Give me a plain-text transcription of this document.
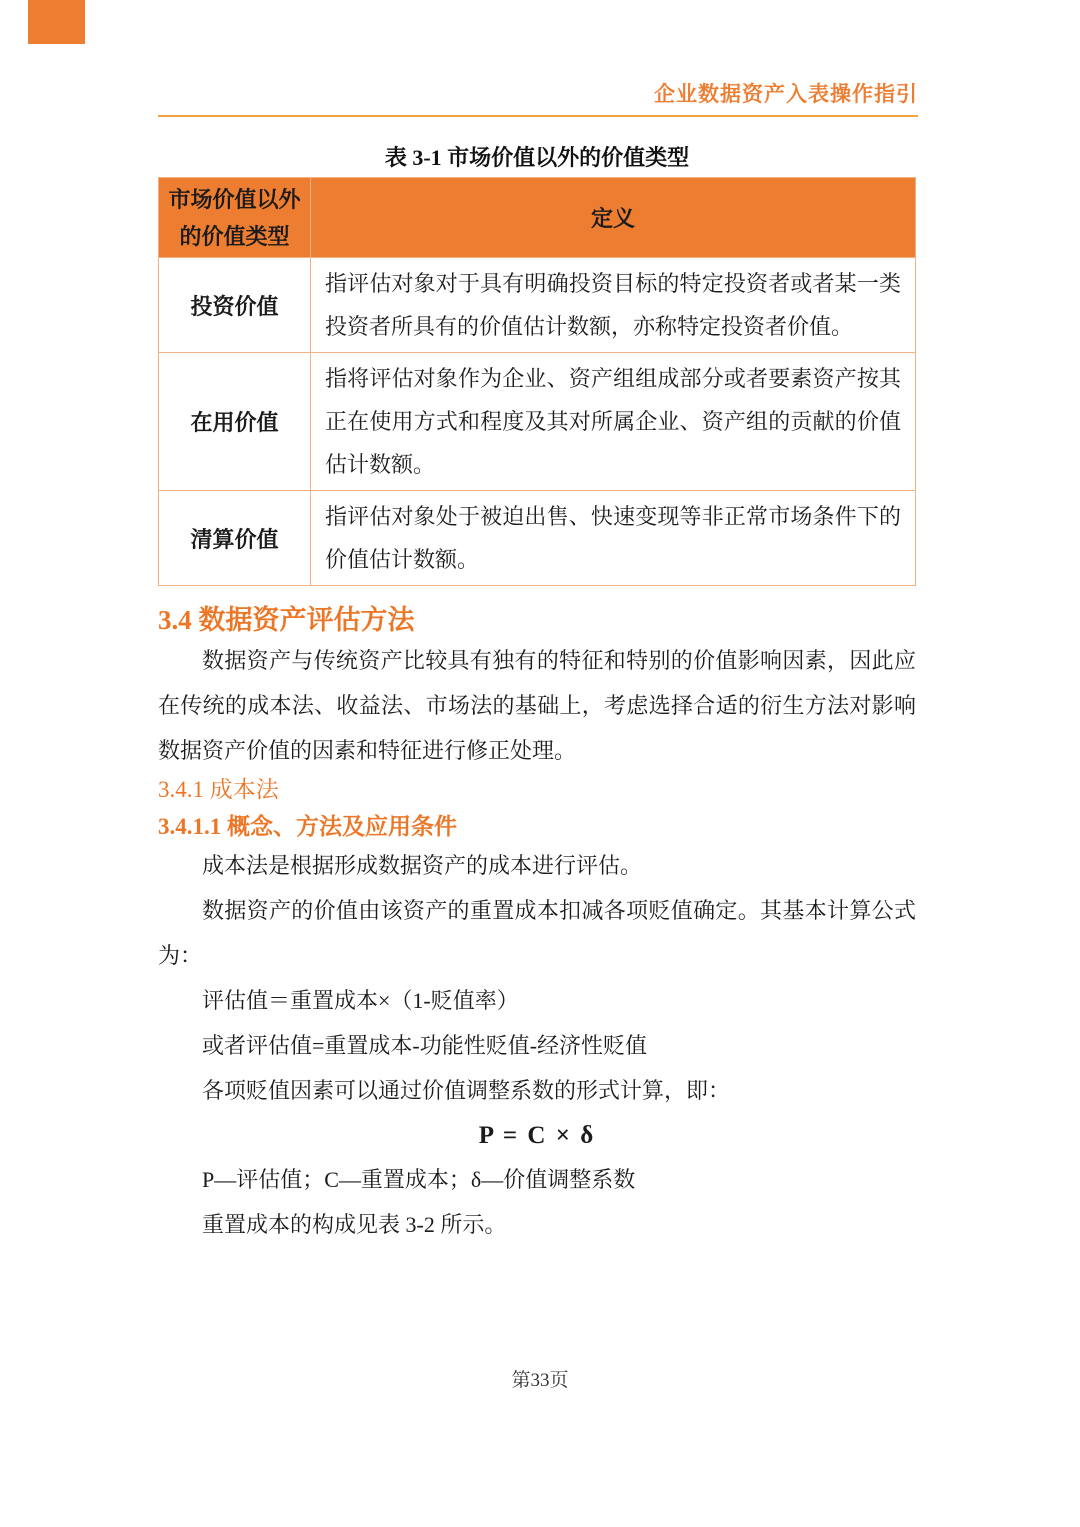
企业数据资产入表操作指引
表 3-1 市场价值以外的价值类型
市场价值以外
的价值类型	定义
投资价值	指评估对象对于具有明确投资目标的特定投资者或者某一类投资者所具有的价值估计数额，亦称特定投资者价值。
在用价值	指将评估对象作为企业、资产组组成部分或者要素资产按其正在使用方式和程度及其对所属企业、资产组的贡献的价值估计数额。
清算价值	指评估对象处于被迫出售、快速变现等非正常市场条件下的价值估计数额。
3.4 数据资产评估方法

数据资产与传统资产比较具有独有的特征和特别的价值影响因素，因此应在传统的成本法、收益法、市场法的基础上，考虑选择合适的衍生方法对影响数据资产价值的因素和特征进行修正处理。

3.4.1 成本法
3.4.1.1 概念、方法及应用条件

成本法是根据形成数据资产的成本进行评估。

数据资产的价值由该资产的重置成本扣减各项贬值确定。其基本计算公式为：

评估值＝重置成本×（1-贬值率）

或者评估值=重置成本-功能性贬值-经济性贬值

各项贬值因素可以通过价值调整系数的形式计算，即：

P = C × δ

P—评估值；C—重置成本；δ—价值调整系数

重置成本的构成见表 3-2 所示。

第33页
